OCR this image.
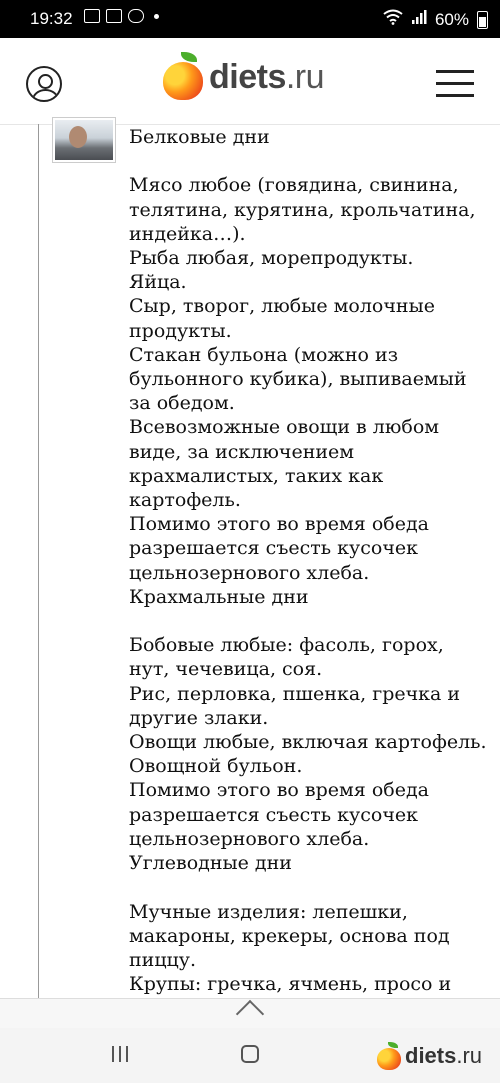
19:32	60%
diets.ru
Белковые дни

Мясо любое (говядина, свинина, телятина, курятина, крольчатина, индейка…).
Рыба любая, морепродукты.
Яйца.
Сыр, творог, любые молочные продукты.
Стакан бульона (можно из бульонного кубика), выпиваемый за обедом.
Всевозможные овощи в любом виде, за исключением крахмалистых, таких как картофель.
Помимо этого во время обеда разрешается съесть кусочек цельнозернового хлеба.
Крахмальные дни

Бобовые любые: фасоль, горох, нут, чечевица, соя.
Рис, перловка, пшенка, гречка и другие злаки.
Овощи любые, включая картофель.
Овощной бульон.
Помимо этого во время обеда разрешается съесть кусочек цельнозернового хлеба.
Углеводные дни

Мучные изделия: лепешки, макароны, крекеры, основа под пиццу.
Крупы: гречка, ячмень, просо и
diets.ru
